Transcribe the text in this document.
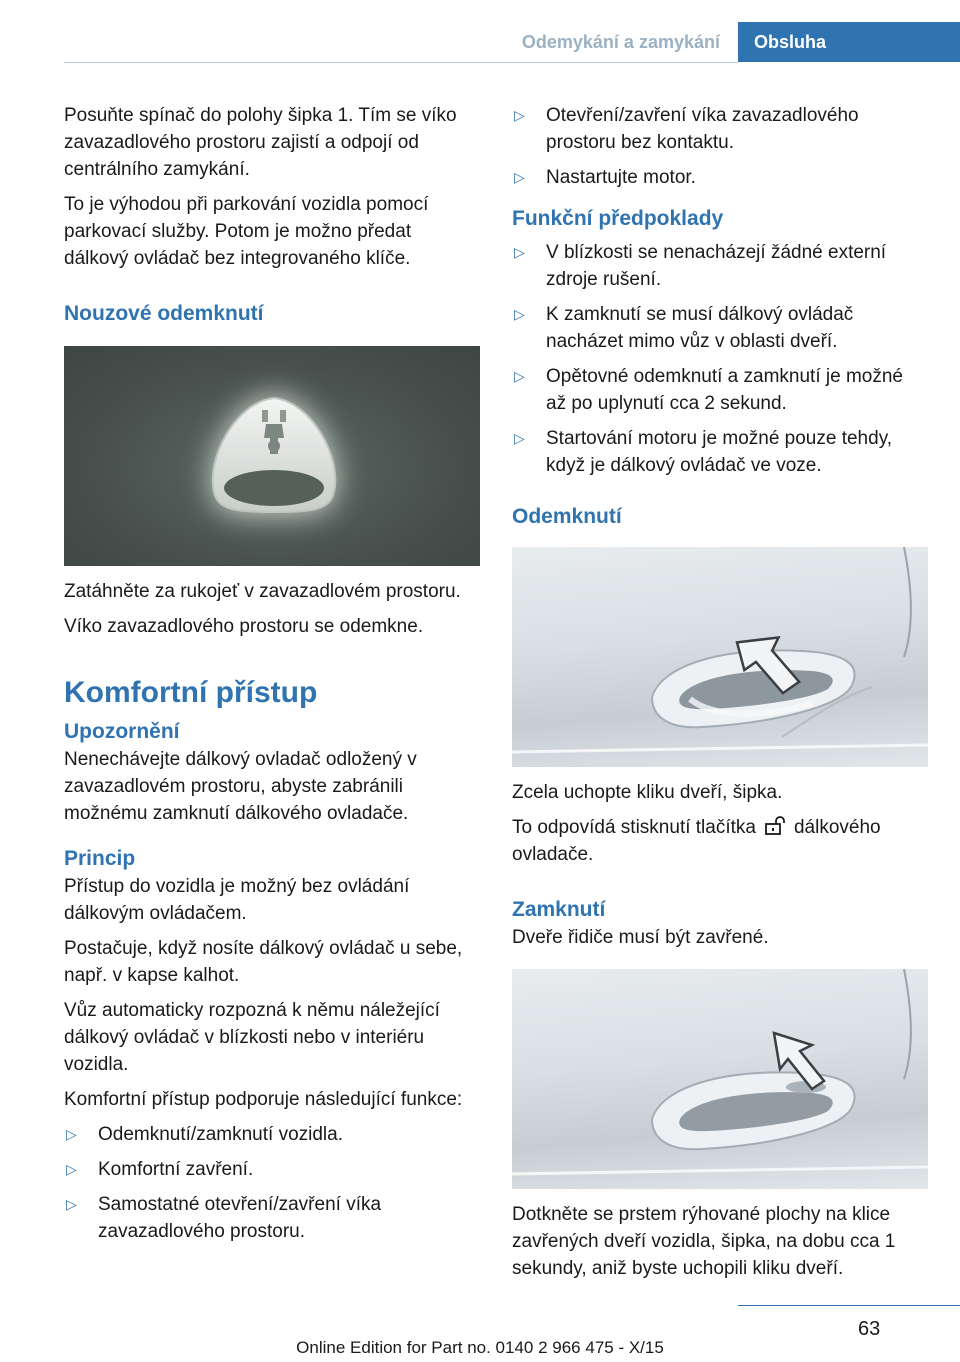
Odemykání a zamykání	Obsluha

Posuňte spínač do polohy šipka 1. Tím se víko zavazadlového prostoru zajistí a odpojí od centrálního zamykání.

To je výhodou při parkování vozidla pomocí parkovací služby. Potom je možno předat dálkový ovládač bez integrovaného klíče.

Nouzové odemknutí

Zatáhněte za rukojeť v zavazadlovém prostoru.

Víko zavazadlového prostoru se odemkne.

Komfortní přístup
Upozornění

Nenechávejte dálkový ovladač odložený v zavazadlovém prostoru, abyste zabránili možnému zamknutí dálkového ovladače.

Princip

Přístup do vozidla je možný bez ovládání dálkovým ovládačem.

Postačuje, když nosíte dálkový ovládač u sebe, např. v kapse kalhot.

Vůz automaticky rozpozná k němu náležející dálkový ovládač v blízkosti nebo v interiéru vozidla.

Komfortní přístup podporuje následující funkce:

▷ Odemknutí/zamknutí vozidla.
▷ Komfortní zavření.
▷ Samostatné otevření/zavření víka zavazadlového prostoru.
▷ Otevření/zavření víka zavazadlového prostoru bez kontaktu.
▷ Nastartujte motor.
Funkční předpoklady
▷ V blízkosti se nenacházejí žádné externí zdroje rušení.
▷ K zamknutí se musí dálkový ovládač nacházet mimo vůz v oblasti dveří.
▷ Opětovné odemknutí a zamknutí je možné až po uplynutí cca 2 sekund.
▷ Startování motoru je možné pouze tehdy, když je dálkový ovládač ve voze.
Odemknutí

Zcela uchopte kliku dveří, šipka.

To odpovídá stisknutí tlačítka dálkového ovladače.

Zamknutí

Dveře řidiče musí být zavřené.

Dotkněte se prstem rýhované plochy na klice zavřených dveří vozidla, šipka, na dobu cca 1 sekundy, aniž byste uchopili kliku dveří.

63
Online Edition for Part no. 0140 2 966 475 - X/15
